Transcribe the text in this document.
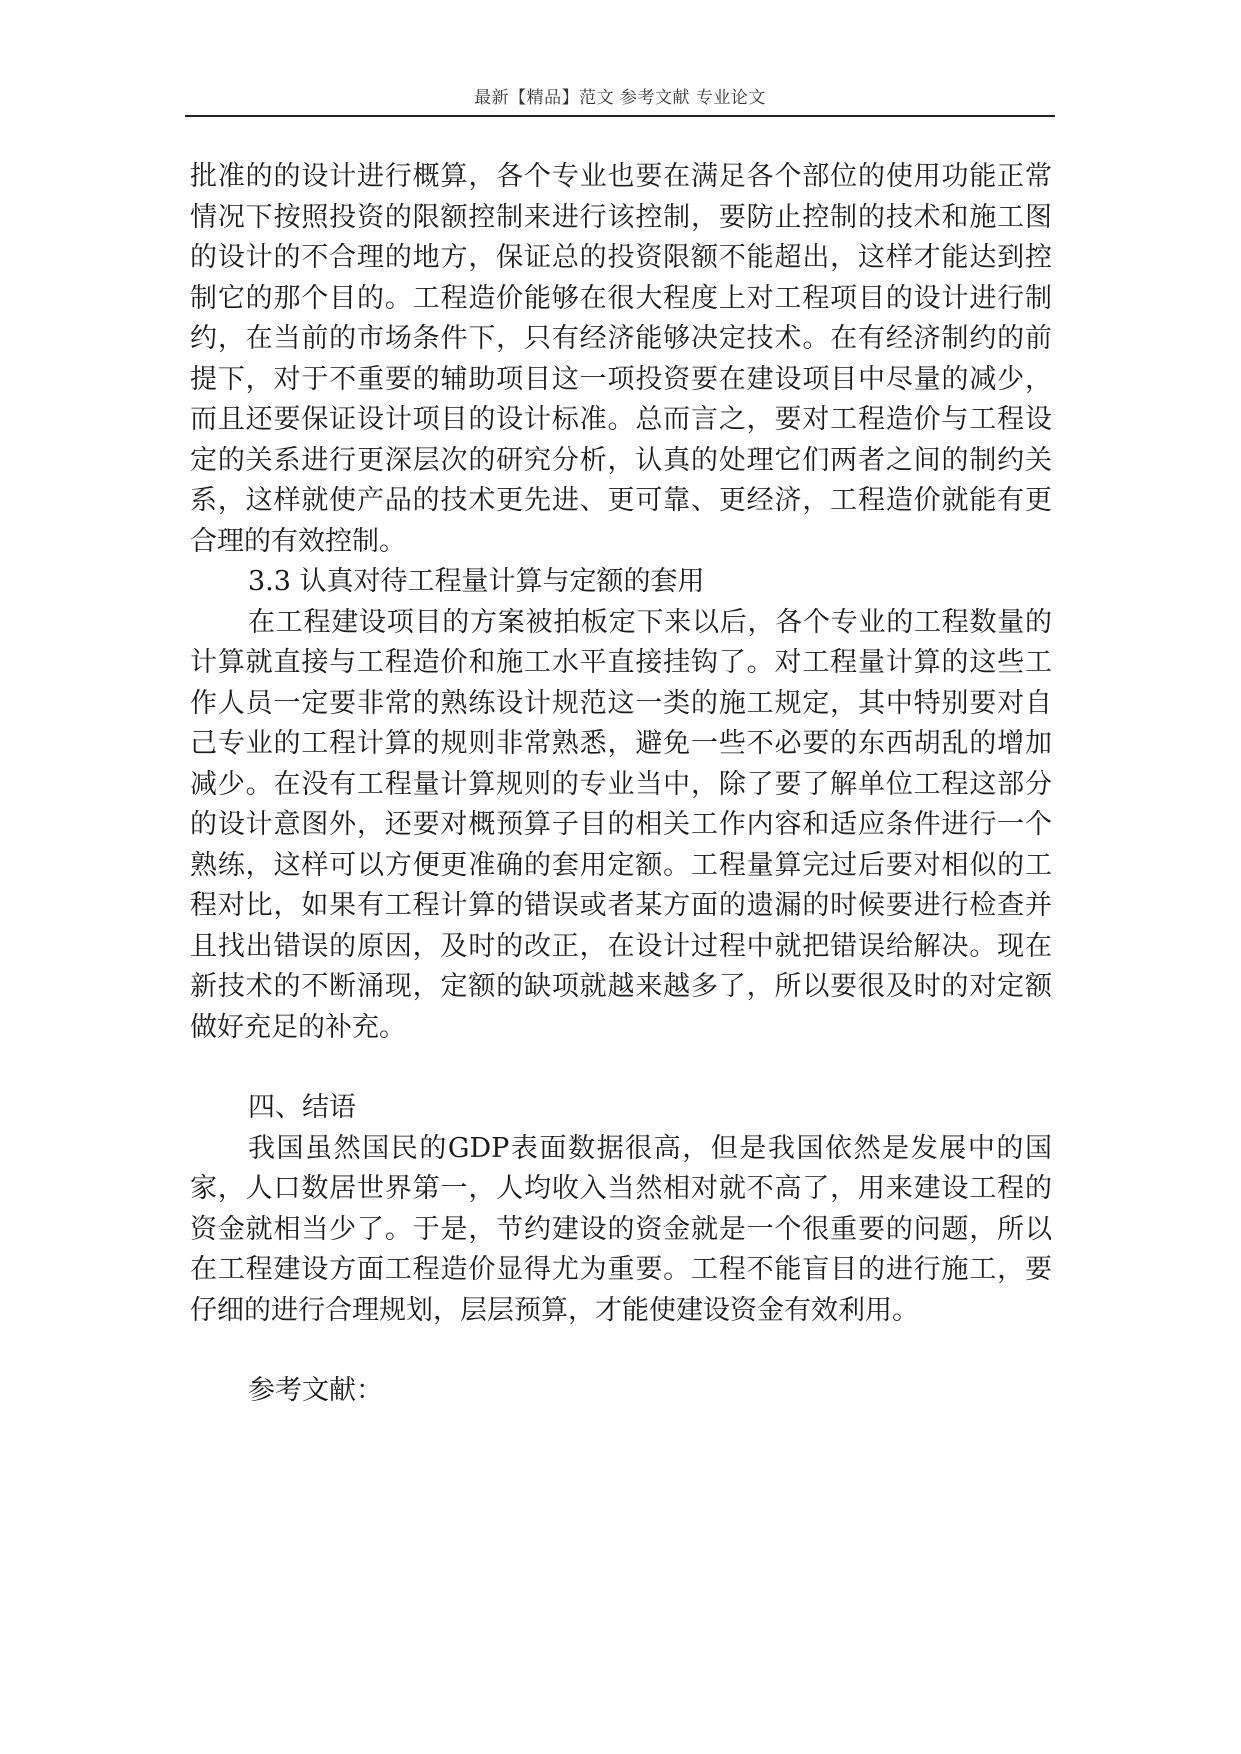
最新【精品】范文 参考文献 专业论文

批准的的设计进行概算，各个专业也要在满足各个部位的使用功能正常情况下按照投资的限额控制来进行该控制，要防止控制的技术和施工图的设计的不合理的地方，保证总的投资限额不能超出，这样才能达到控制它的那个目的。工程造价能够在很大程度上对工程项目的设计进行制约，在当前的市场条件下，只有经济能够决定技术。在有经济制约的前提下，对于不重要的辅助项目这一项投资要在建设项目中尽量的减少，而且还要保证设计项目的设计标准。总而言之，要对工程造价与工程设定的关系进行更深层次的研究分析，认真的处理它们两者之间的制约关系，这样就使产品的技术更先进、更可靠、更经济，工程造价就能有更合理的有效控制。

3.3 认真对待工程量计算与定额的套用

在工程建设项目的方案被拍板定下来以后，各个专业的工程数量的计算就直接与工程造价和施工水平直接挂钩了。对工程量计算的这些工作人员一定要非常的熟练设计规范这一类的施工规定，其中特别要对自己专业的工程计算的规则非常熟悉，避免一些不必要的东西胡乱的增加减少。在没有工程量计算规则的专业当中，除了要了解单位工程这部分的设计意图外，还要对概预算子目的相关工作内容和适应条件进行一个熟练，这样可以方便更准确的套用定额。工程量算完过后要对相似的工程对比，如果有工程计算的错误或者某方面的遗漏的时候要进行检查并且找出错误的原因，及时的改正，在设计过程中就把错误给解决。现在新技术的不断涌现，定额的缺项就越来越多了，所以要很及时的对定额做好充足的补充。

四、结语

我国虽然国民的GDP表面数据很高，但是我国依然是发展中的国家，人口数居世界第一，人均收入当然相对就不高了，用来建设工程的资金就相当少了。于是，节约建设的资金就是一个很重要的问题，所以在工程建设方面工程造价显得尤为重要。工程不能盲目的进行施工，要仔细的进行合理规划，层层预算，才能使建设资金有效利用。

参考文献：
